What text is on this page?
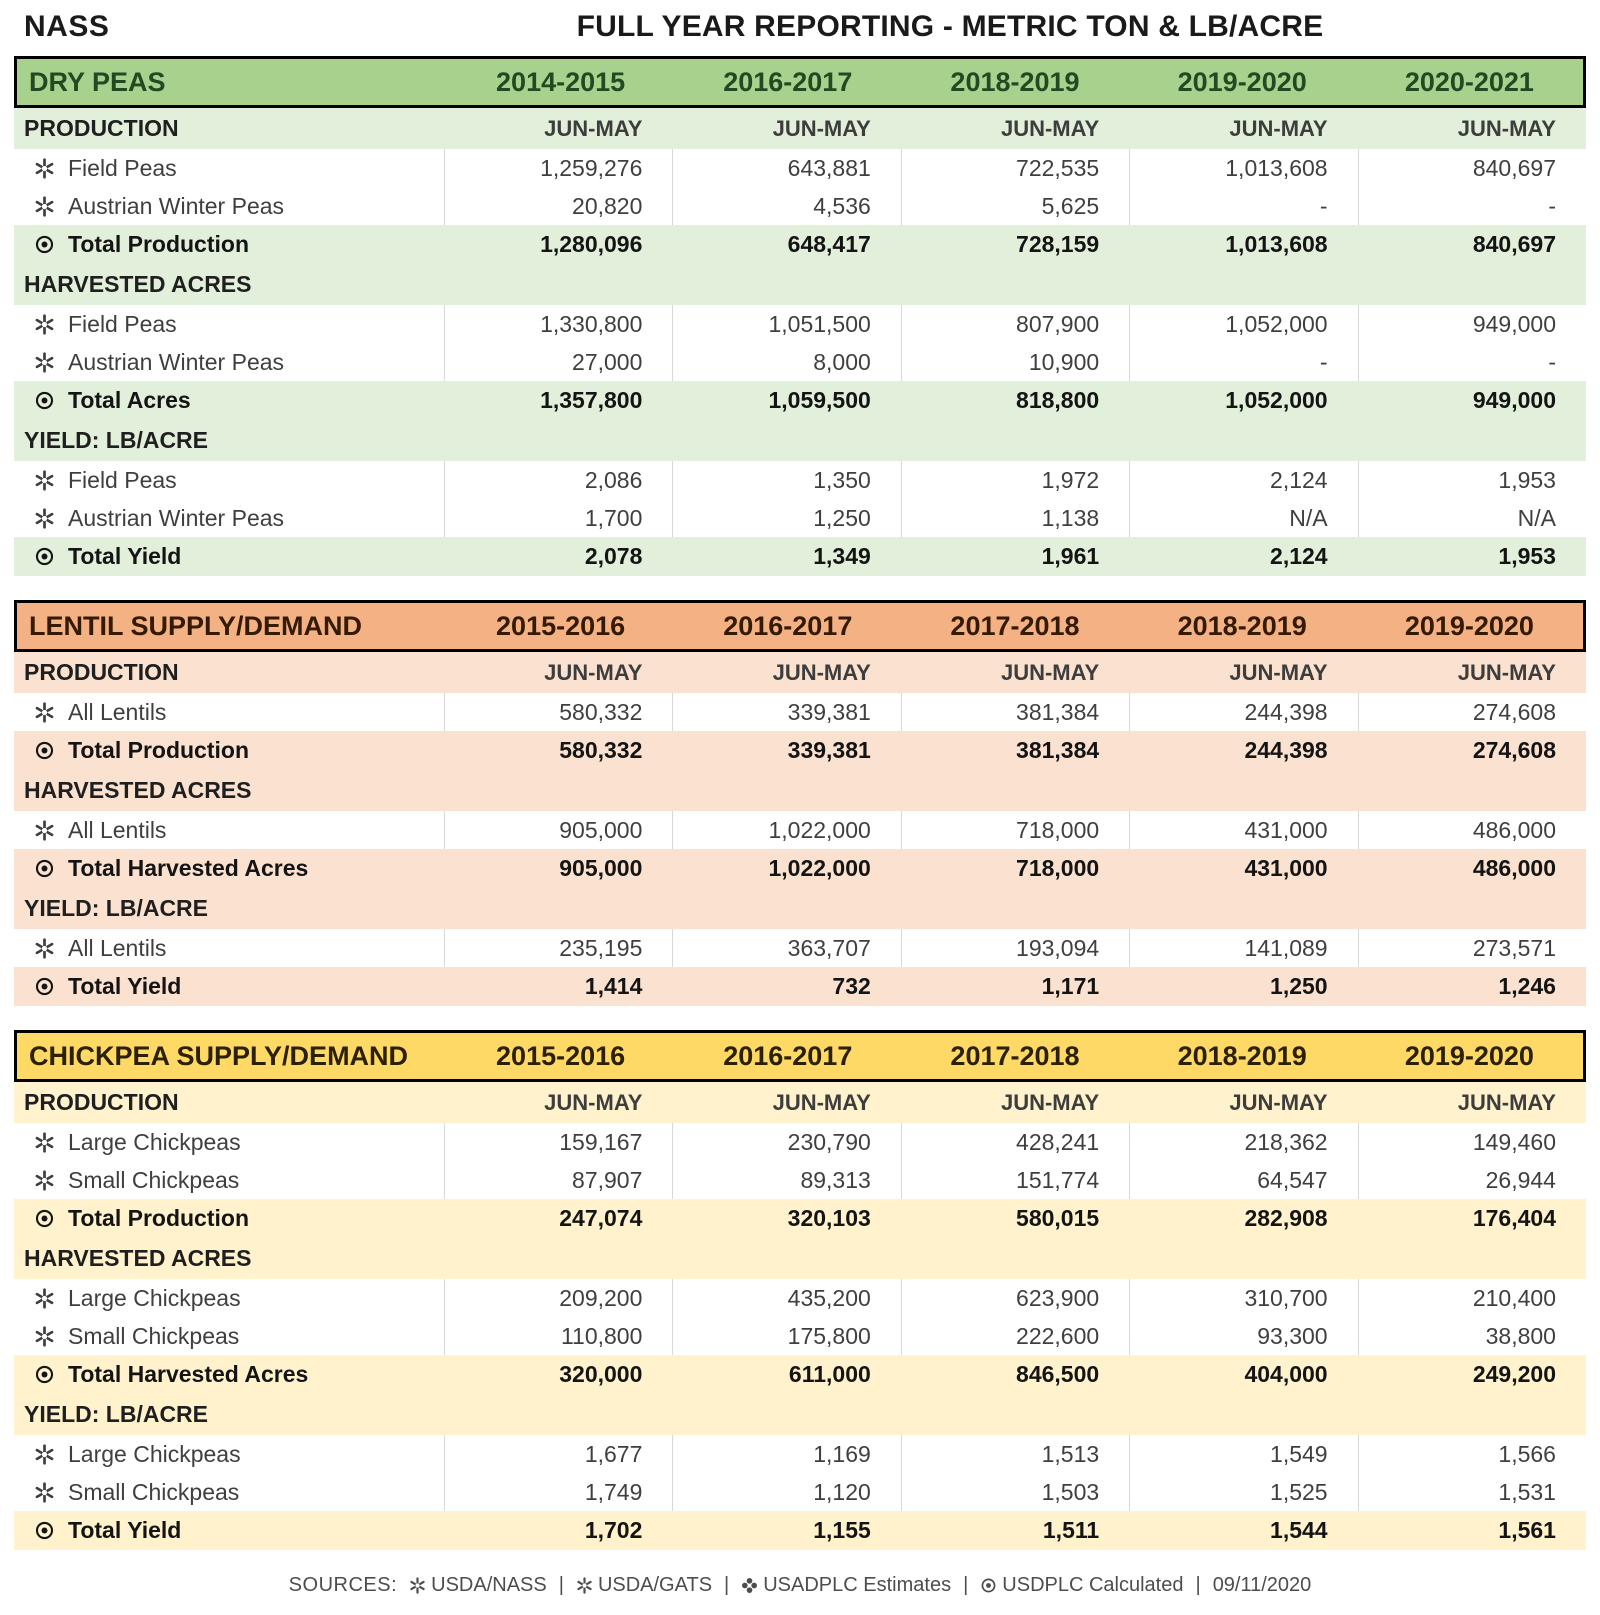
NASS	FULL YEAR REPORTING - METRIC TON & LB/ACRE
DRY PEAS	2014-2015	2016-2017	2018-2019	2019-2020	2020-2021
PRODUCTION	JUN-MAY	JUN-MAY	JUN-MAY	JUN-MAY	JUN-MAY
Field Peas	1,259,276	643,881	722,535	1,013,608	840,697
Austrian Winter Peas	20,820	4,536	5,625	-	-
Total Production	1,280,096	648,417	728,159	1,013,608	840,697
HARVESTED ACRES
Field Peas	1,330,800	1,051,500	807,900	1,052,000	949,000
Austrian Winter Peas	27,000	8,000	10,900	-	-
Total Acres	1,357,800	1,059,500	818,800	1,052,000	949,000
YIELD: LB/ACRE
Field Peas	2,086	1,350	1,972	2,124	1,953
Austrian Winter Peas	1,700	1,250	1,138	N/A	N/A
Total Yield	2,078	1,349	1,961	2,124	1,953
LENTIL SUPPLY/DEMAND	2015-2016	2016-2017	2017-2018	2018-2019	2019-2020
PRODUCTION	JUN-MAY	JUN-MAY	JUN-MAY	JUN-MAY	JUN-MAY
All Lentils	580,332	339,381	381,384	244,398	274,608
Total Production	580,332	339,381	381,384	244,398	274,608
HARVESTED ACRES
All Lentils	905,000	1,022,000	718,000	431,000	486,000
Total Harvested Acres	905,000	1,022,000	718,000	431,000	486,000
YIELD: LB/ACRE
All Lentils	235,195	363,707	193,094	141,089	273,571
Total Yield	1,414	732	1,171	1,250	1,246
CHICKPEA SUPPLY/DEMAND	2015-2016	2016-2017	2017-2018	2018-2019	2019-2020
PRODUCTION	JUN-MAY	JUN-MAY	JUN-MAY	JUN-MAY	JUN-MAY
Large Chickpeas	159,167	230,790	428,241	218,362	149,460
Small Chickpeas	87,907	89,313	151,774	64,547	26,944
Total Production	247,074	320,103	580,015	282,908	176,404
HARVESTED ACRES
Large Chickpeas	209,200	435,200	623,900	310,700	210,400
Small Chickpeas	110,800	175,800	222,600	93,300	38,800
Total Harvested Acres	320,000	611,000	846,500	404,000	249,200
YIELD: LB/ACRE
Large Chickpeas	1,677	1,169	1,513	1,549	1,566
Small Chickpeas	1,749	1,120	1,503	1,525	1,531
Total Yield	1,702	1,155	1,511	1,544	1,561
SOURCES: USDA/NASS | USDA/GATS | USADPLC Estimates | USDPLC Calculated | 09/11/2020
